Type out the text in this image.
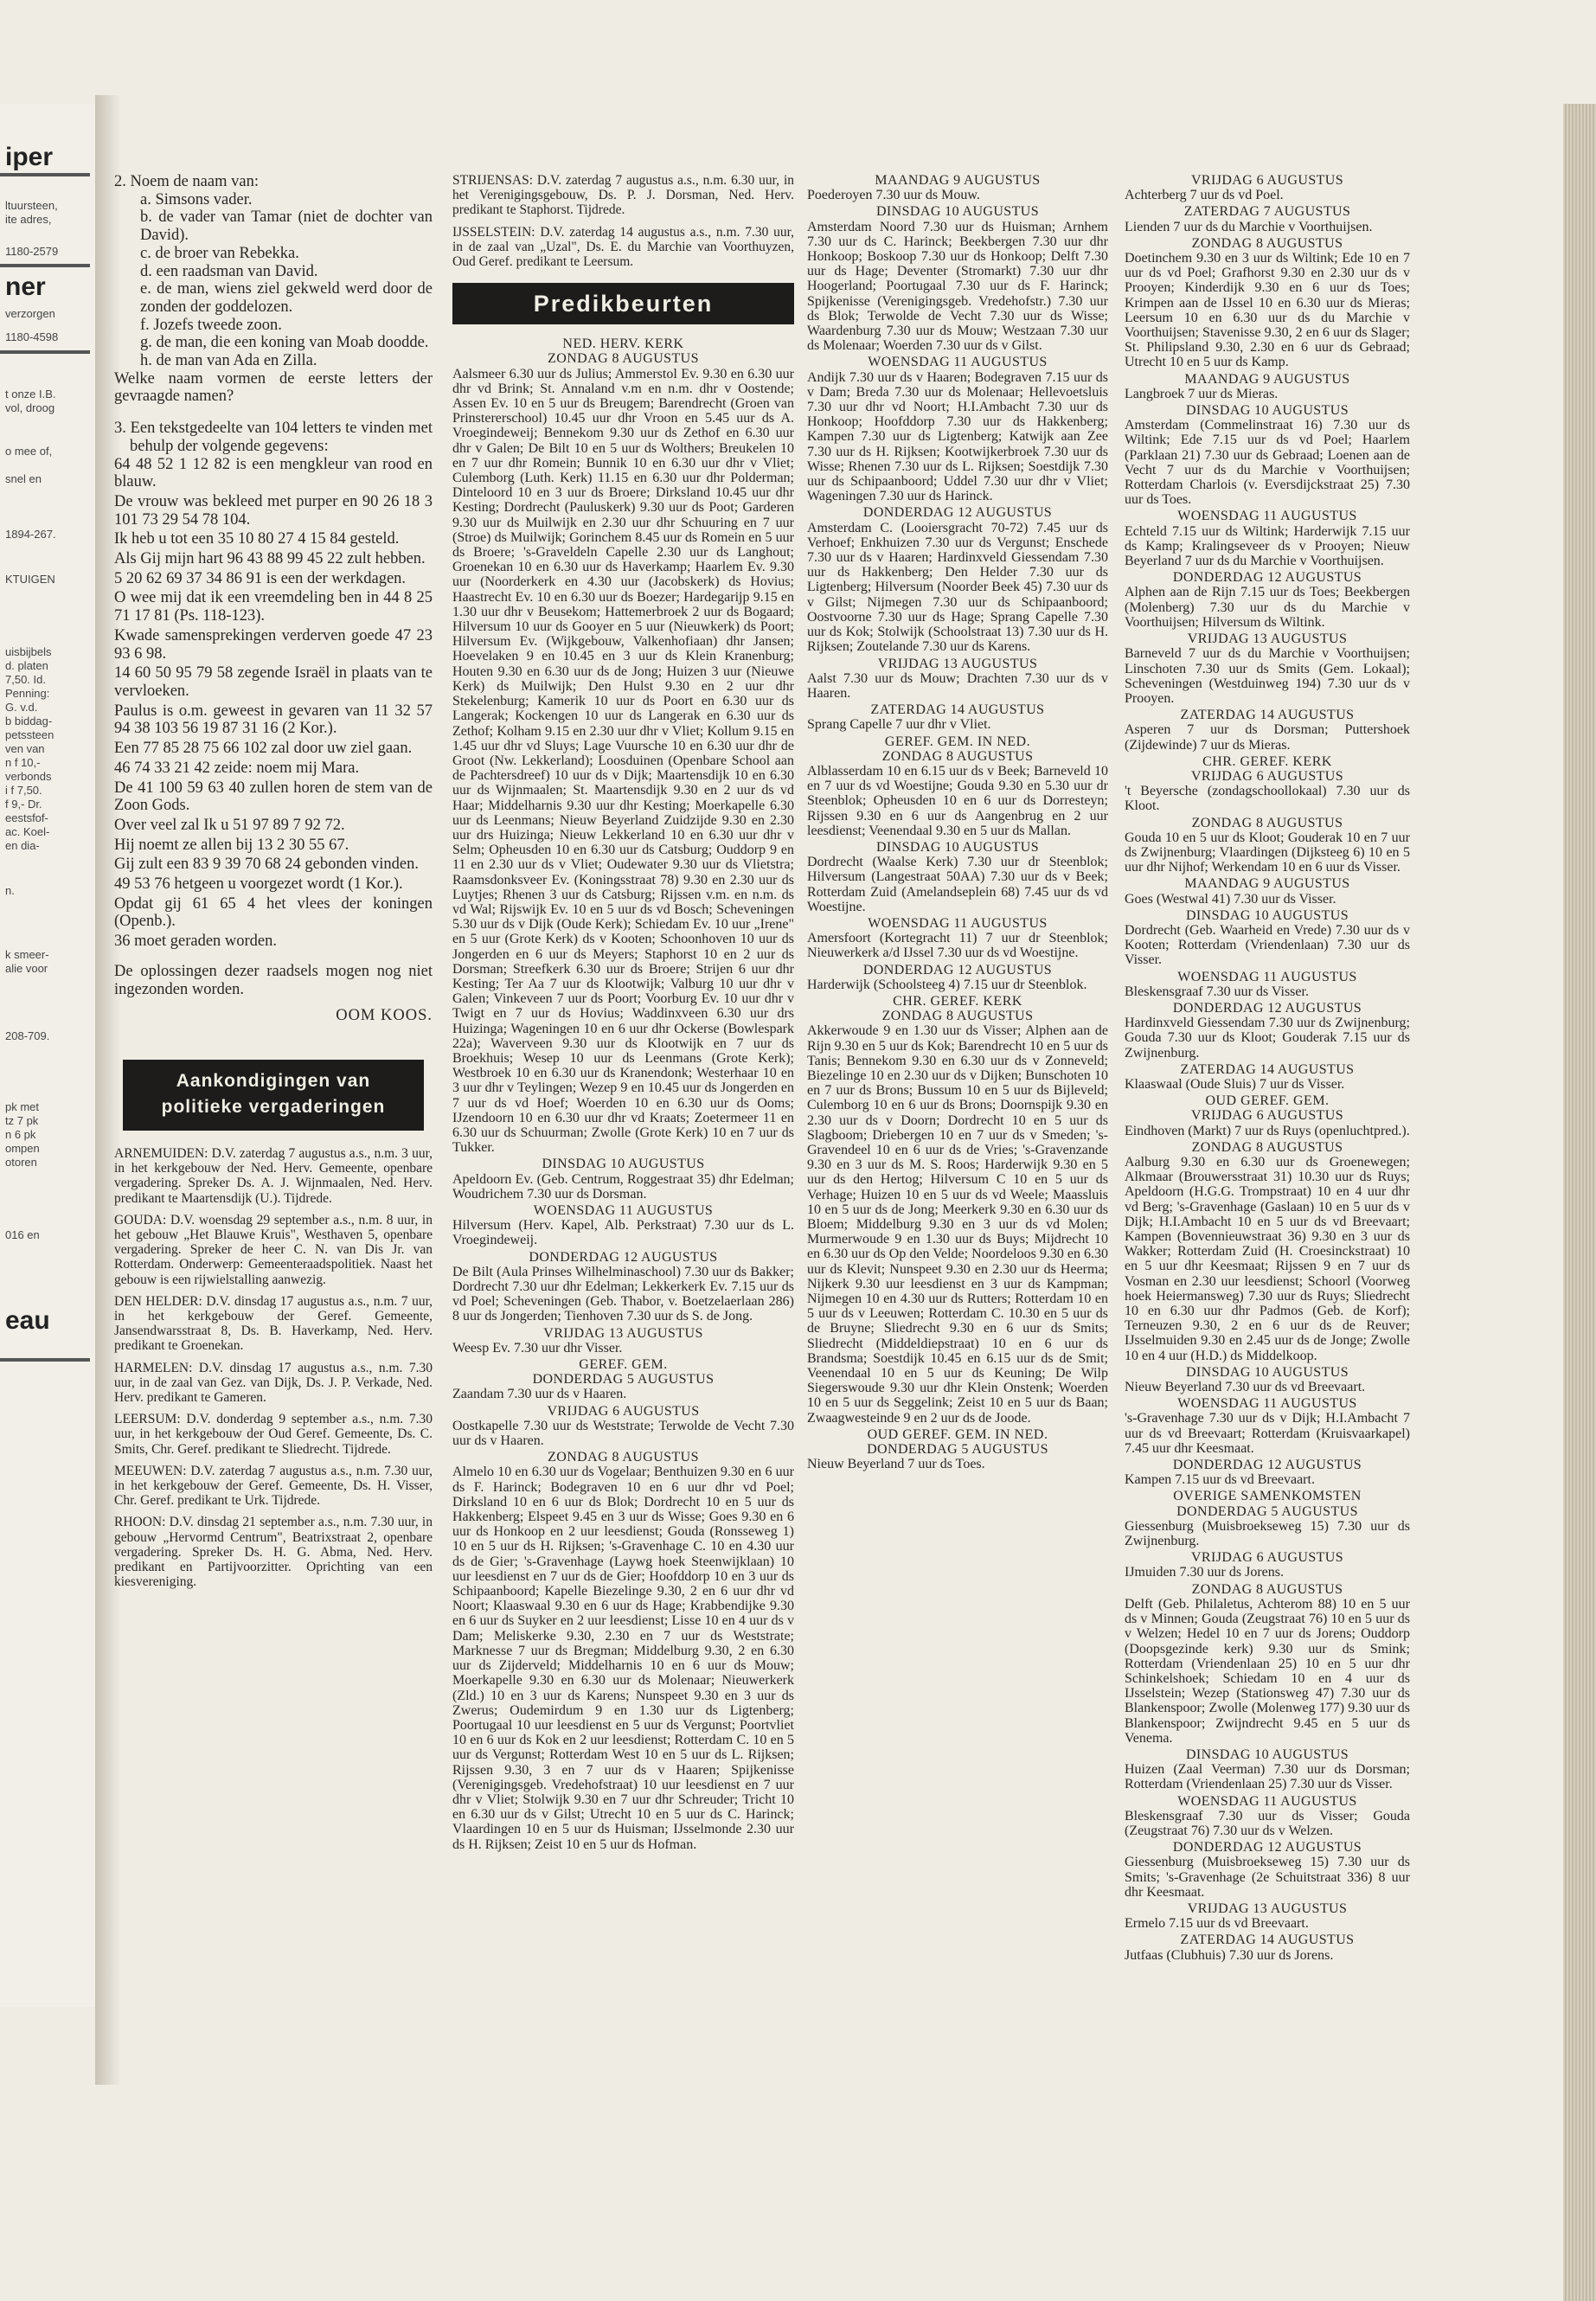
iper
ltuursteen,
ite adres,
1180-2579
ner
verzorgen
1180-4598
t onze I.B.
vol, droog
o mee of,
snel en
1894-267.
KTUIGEN
uisbijbels
d. platen
7,50. Id.
Penning:
G. v.d.
b biddag-
petssteen
ven van
n f 10,-
verbonds
i f 7,50.
f 9,- Dr.
eestsfof-
ac. Koel-
en dia-
n.
k smeer-
alie voor
208-709.
pk met
tz 7 pk
n 6 pk
ompen
otoren
016 en
eau

2. Noem de naam van:

a. Simsons vader.

b. de vader van Tamar (niet de dochter van David).

c. de broer van Rebekka.

d. een raadsman van David.

e. de man, wiens ziel gekweld werd door de zonden der goddelozen.

f. Jozefs tweede zoon.

g. de man, die een koning van Moab doodde.

h. de man van Ada en Zilla.

Welke naam vormen de eerste letters der gevraagde namen?

3. Een tekstgedeelte van 104 letters te vinden met behulp der volgende gegevens:

64 48 52 1 12 82 is een mengkleur van rood en blauw.

De vrouw was bekleed met purper en 90 26 18 3 101 73 29 54 78 104.

Ik heb u tot een 35 10 80 27 4 15 84 gesteld.

Als Gij mijn hart 96 43 88 99 45 22 zult hebben.

5 20 62 69 37 34 86 91 is een der werkdagen.

O wee mij dat ik een vreemdeling ben in 44 8 25 71 17 81 (Ps. 118-123).

Kwade samensprekingen verderven goede 47 23 93 6 98.

14 60 50 95 79 58 zegende Israël in plaats van te vervloeken.

Paulus is o.m. geweest in gevaren van 11 32 57 94 38 103 56 19 87 31 16 (2 Kor.).

Een 77 85 28 75 66 102 zal door uw ziel gaan.

46 74 33 21 42 zeide: noem mij Mara.

De 41 100 59 63 40 zullen horen de stem van de Zoon Gods.

Over veel zal Ik u 51 97 89 7 92 72.

Hij noemt ze allen bij 13 2 30 55 67.

Gij zult een 83 9 39 70 68 24 gebonden vinden.

49 53 76 hetgeen u voorgezet wordt (1 Kor.).

Opdat gij 61 65 4 het vlees der koningen (Openb.).

36 moet geraden worden.

De oplossingen dezer raadsels mogen nog niet ingezonden worden.

OOM KOOS.

Aankondigingen van
politieke vergaderingen

ARNEMUIDEN: D.V. zaterdag 7 augustus a.s., n.m. 3 uur, in het kerkgebouw der Ned. Herv. Gemeente, openbare vergadering. Spreker Ds. A. J. Wijnmaalen, Ned. Herv. predikant te Maartensdijk (U.). Tijdrede.

GOUDA: D.V. woensdag 29 september a.s., n.m. 8 uur, in het gebouw „Het Blauwe Kruis", Westhaven 5, openbare vergadering. Spreker de heer C. N. van Dis Jr. van Rotterdam. Onderwerp: Gemeenteraadspolitiek. Naast het gebouw is een rijwielstalling aanwezig.

DEN HELDER: D.V. dinsdag 17 augustus a.s., n.m. 7 uur, in het kerkgebouw der Geref. Gemeente, Jansendwarsstraat 8, Ds. B. Haverkamp, Ned. Herv. predikant te Groenekan.

HARMELEN: D.V. dinsdag 17 augustus a.s., n.m. 7.30 uur, in de zaal van Gez. van Dijk, Ds. J. P. Verkade, Ned. Herv. predikant te Gameren.

LEERSUM: D.V. donderdag 9 september a.s., n.m. 7.30 uur, in het kerkgebouw der Oud Geref. Gemeente, Ds. C. Smits, Chr. Geref. predikant te Sliedrecht. Tijdrede.

MEEUWEN: D.V. zaterdag 7 augustus a.s., n.m. 7.30 uur, in het kerkgebouw der Geref. Gemeente, Ds. H. Visser, Chr. Geref. predikant te Urk. Tijdrede.

RHOON: D.V. dinsdag 21 september a.s., n.m. 7.30 uur, in gebouw „Hervormd Centrum", Beatrixstraat 2, openbare vergadering. Spreker Ds. H. G. Abma, Ned. Herv. predikant en Partijvoorzitter. Oprichting van een kiesvereniging.

STRIJENSAS: D.V. zaterdag 7 augustus a.s., n.m. 6.30 uur, in het Verenigingsgebouw, Ds. P. J. Dorsman, Ned. Herv. predikant te Staphorst. Tijdrede.

IJSSELSTEIN: D.V. zaterdag 14 augustus a.s., n.m. 7.30 uur, in de zaal van „Uzal", Ds. E. du Marchie van Voorthuyzen, Oud Geref. predikant te Leersum.

Predikbeurten
NED. HERV. KERK
ZONDAG 8 AUGUSTUS

Aalsmeer 6.30 uur ds Julius; Ammerstol Ev. 9.30 en 6.30 uur dhr vd Brink; St. Annaland v.m en n.m. dhr v Oostende; Assen Ev. 10 en 5 uur ds Breugem; Barendrecht (Groen van Prinstererschool) 10.45 uur dhr Vroon en 5.45 uur ds A. Vroegindeweij; Bennekom 9.30 uur ds Zethof en 6.30 uur dhr v Galen; De Bilt 10 en 5 uur ds Wolthers; Breukelen 10 en 7 uur dhr Romein; Bunnik 10 en 6.30 uur dhr v Vliet; Culemborg (Luth. Kerk) 11.15 en 6.30 uur dhr Polderman; Dinteloord 10 en 3 uur ds Broere; Dirksland 10.45 uur dhr Kesting; Dordrecht (Pauluskerk) 9.30 uur ds Poot; Garderen 9.30 uur ds Muilwijk en 2.30 uur dhr Schuuring en 7 uur (Stroe) ds Muilwijk; Gorinchem 8.45 uur ds Romein en 5 uur ds Broere; 's-Graveldeln Capelle 2.30 uur ds Langhout; Groenekan 10 en 6.30 uur ds Haverkamp; Haarlem Ev. 9.30 uur (Noorderkerk en 4.30 uur (Jacobskerk) ds Hovius; Haastrecht Ev. 10 en 6.30 uur ds Boezer; Hardegarijp 9.15 en 1.30 uur dhr v Beusekom; Hattemerbroek 2 uur ds Bogaard; Hilversum 10 uur ds Gooyer en 5 uur (Nieuwkerk) ds Poort; Hilversum Ev. (Wijkgebouw, Valkenhofiaan) dhr Jansen; Hoevelaken 9 en 10.45 en 3 uur ds Klein Kranenburg; Houten 9.30 en 6.30 uur ds de Jong; Huizen 3 uur (Nieuwe Kerk) ds Muilwijk; Den Hulst 9.30 en 2 uur dhr Stekelenburg; Kamerik 10 uur ds Poort en 6.30 uur ds Langerak; Kockengen 10 uur ds Langerak en 6.30 uur ds Zethof; Kolham 9.15 en 2.30 uur dhr v Vliet; Kollum 9.15 en 1.45 uur dhr vd Sluys; Lage Vuursche 10 en 6.30 uur dhr de Groot (Nw. Lekkerland); Loosduinen (Openbare School aan de Pachtersdreef) 10 uur ds v Dijk; Maartensdijk 10 en 6.30 uur ds Wijnmaalen; St. Maartensdijk 9.30 en 2 uur ds vd Haar; Middelharnis 9.30 uur dhr Kesting; Moerkapelle 6.30 uur ds Leenmans; Nieuw Beyerland Zuidzijde 9.30 en 2.30 uur drs Huizinga; Nieuw Lekkerland 10 en 6.30 uur dhr v Selm; Opheusden 10 en 6.30 uur ds Catsburg; Ouddorp 9 en 11 en 2.30 uur ds v Vliet; Oudewater 9.30 uur ds Vlietstra; Raamsdonksveer Ev. (Koningsstraat 78) 9.30 en 2.30 uur ds Luytjes; Rhenen 3 uur ds Catsburg; Rijssen v.m. en n.m. ds vd Wal; Rijswijk Ev. 10 en 5 uur ds vd Bosch; Scheveningen 5.30 uur ds v Dijk (Oude Kerk); Schiedam Ev. 10 uur „Irene" en 5 uur (Grote Kerk) ds v Kooten; Schoonhoven 10 uur ds Jongerden en 6 uur ds Meyers; Staphorst 10 en 2 uur ds Dorsman; Streefkerk 6.30 uur ds Broere; Strijen 6 uur dhr Kesting; Ter Aa 7 uur ds Klootwijk; Valburg 10 uur dhr v Galen; Vinkeveen 7 uur ds Poort; Voorburg Ev. 10 uur dhr v Twigt en 7 uur ds Hovius; Waddinxveen 6.30 uur drs Huizinga; Wageningen 10 en 6 uur dhr Ockerse (Bowlespark 22a); Waverveen 9.30 uur ds Klootwijk en 7 uur ds Broekhuis; Wesep 10 uur ds Leenmans (Grote Kerk); Westbroek 10 en 6.30 uur ds Kranendonk; Westerhaar 10 en 3 uur dhr v Teylingen; Wezep 9 en 10.45 uur ds Jongerden en 7 uur ds vd Hoef; Woerden 10 en 6.30 uur ds Ooms; IJzendoorn 10 en 6.30 uur dhr vd Kraats; Zoetermeer 11 en 6.30 uur ds Schuurman; Zwolle (Grote Kerk) 10 en 7 uur ds Tukker.

DINSDAG 10 AUGUSTUS

Apeldoorn Ev. (Geb. Centrum, Roggestraat 35) dhr Edelman; Woudrichem 7.30 uur ds Dorsman.

WOENSDAG 11 AUGUSTUS

Hilversum (Herv. Kapel, Alb. Perkstraat) 7.30 uur ds L. Vroegindeweij.

DONDERDAG 12 AUGUSTUS

De Bilt (Aula Prinses Wilhelminaschool) 7.30 uur ds Bakker; Dordrecht 7.30 uur dhr Edelman; Lekkerkerk Ev. 7.15 uur ds vd Poel; Scheveningen (Geb. Thabor, v. Boetzelaerlaan 286) 8 uur ds Jongerden; Tienhoven 7.30 uur ds S. de Jong.

VRIJDAG 13 AUGUSTUS

Weesp Ev. 7.30 uur dhr Visser.

GEREF. GEM.
DONDERDAG 5 AUGUSTUS

Zaandam 7.30 uur ds v Haaren.

VRIJDAG 6 AUGUSTUS

Oostkapelle 7.30 uur ds Weststrate; Terwolde de Vecht 7.30 uur ds v Haaren.

ZONDAG 8 AUGUSTUS

Almelo 10 en 6.30 uur ds Vogelaar; Benthuizen 9.30 en 6 uur ds F. Harinck; Bodegraven 10 en 6 uur dhr vd Poel; Dirksland 10 en 6 uur ds Blok; Dordrecht 10 en 5 uur ds Hakkenberg; Elspeet 9.45 en 3 uur ds Wisse; Goes 9.30 en 6 uur ds Honkoop en 2 uur leesdienst; Gouda (Ronsseweg 1) 10 en 5 uur ds H. Rijksen; 's-Gravenhage C. 10 en 4.30 uur ds de Gier; 's-Gravenhage (Laywg hoek Steenwijklaan) 10 uur leesdienst en 7 uur ds de Gier; Hoofddorp 10 en 3 uur ds Schipaanboord; Kapelle Biezelinge 9.30, 2 en 6 uur dhr vd Noort; Klaaswaal 9.30 en 6 uur ds Hage; Krabbendijke 9.30 en 6 uur ds Suyker en 2 uur leesdienst; Lisse 10 en 4 uur ds v Dam; Meliskerke 9.30, 2.30 en 7 uur ds Weststrate; Marknesse 7 uur ds Bregman; Middelburg 9.30, 2 en 6.30 uur ds Zijderveld; Middelharnis 10 en 6 uur ds Mouw; Moerkapelle 9.30 en 6.30 uur ds Molenaar; Nieuwerkerk (Zld.) 10 en 3 uur ds Karens; Nunspeet 9.30 en 3 uur ds Zwerus; Oudemirdum 9 en 1.30 uur ds Ligtenberg; Poortugaal 10 uur leesdienst en 5 uur ds Vergunst; Poortvliet 10 en 6 uur ds Kok en 2 uur leesdienst; Rotterdam C. 10 en 5 uur ds Vergunst; Rotterdam West 10 en 5 uur ds L. Rijksen; Rijssen 9.30, 3 en 7 uur ds v Haaren; Spijkenisse (Verenigingsgeb. Vredehofstraat) 10 uur leesdienst en 7 uur dhr v Vliet; Stolwijk 9.30 en 7 uur dhr Schreuder; Tricht 10 en 6.30 uur ds v Gilst; Utrecht 10 en 5 uur ds C. Harinck; Vlaardingen 10 en 5 uur ds Huisman; IJsselmonde 2.30 uur ds H. Rijksen; Zeist 10 en 5 uur ds Hofman.

MAANDAG 9 AUGUSTUS

Poederoyen 7.30 uur ds Mouw.

DINSDAG 10 AUGUSTUS

Amsterdam Noord 7.30 uur ds Huisman; Arnhem 7.30 uur ds C. Harinck; Beekbergen 7.30 uur dhr Honkoop; Boskoop 7.30 uur ds Honkoop; Delft 7.30 uur ds Hage; Deventer (Stromarkt) 7.30 uur dhr Hoogerland; Poortugaal 7.30 uur ds F. Harinck; Spijkenisse (Verenigingsgeb. Vredehofstr.) 7.30 uur ds Blok; Terwolde de Vecht 7.30 uur ds Wisse; Waardenburg 7.30 uur ds Mouw; Westzaan 7.30 uur ds Molenaar; Woerden 7.30 uur ds v Gilst.

WOENSDAG 11 AUGUSTUS

Andijk 7.30 uur ds v Haaren; Bodegraven 7.15 uur ds v Dam; Breda 7.30 uur ds Molenaar; Hellevoetsluis 7.30 uur dhr vd Noort; H.I.Ambacht 7.30 uur ds Honkoop; Hoofddorp 7.30 uur ds Hakkenberg; Kampen 7.30 uur ds Ligtenberg; Katwijk aan Zee 7.30 uur ds H. Rijksen; Kootwijkerbroek 7.30 uur ds Wisse; Rhenen 7.30 uur ds L. Rijksen; Soestdijk 7.30 uur ds Schipaanboord; Uddel 7.30 uur dhr v Vliet; Wageningen 7.30 uur ds Harinck.

DONDERDAG 12 AUGUSTUS

Amsterdam C. (Looiersgracht 70-72) 7.45 uur ds Verhoef; Enkhuizen 7.30 uur ds Vergunst; Enschede 7.30 uur ds v Haaren; Hardinxveld Giessendam 7.30 uur ds Hakkenberg; Den Helder 7.30 uur ds Ligtenberg; Hilversum (Noorder Beek 45) 7.30 uur ds v Gilst; Nijmegen 7.30 uur ds Schipaanboord; Oostvoorne 7.30 uur ds Hage; Sprang Capelle 7.30 uur ds Kok; Stolwijk (Schoolstraat 13) 7.30 uur ds H. Rijksen; Zoutelande 7.30 uur ds Karens.

VRIJDAG 13 AUGUSTUS

Aalst 7.30 uur ds Mouw; Drachten 7.30 uur ds v Haaren.

ZATERDAG 14 AUGUSTUS

Sprang Capelle 7 uur dhr v Vliet.

GEREF. GEM. IN NED.
ZONDAG 8 AUGUSTUS

Alblasserdam 10 en 6.15 uur ds v Beek; Barneveld 10 en 7 uur ds vd Woestijne; Gouda 9.30 en 5.30 uur dr Steenblok; Opheusden 10 en 6 uur ds Dorresteyn; Rijssen 9.30 en 6 uur ds Aangenbrug en 2 uur leesdienst; Veenendaal 9.30 en 5 uur ds Mallan.

DINSDAG 10 AUGUSTUS

Dordrecht (Waalse Kerk) 7.30 uur dr Steenblok; Hilversum (Langestraat 50AA) 7.30 uur ds v Beek; Rotterdam Zuid (Amelandseplein 68) 7.45 uur ds vd Woestijne.

WOENSDAG 11 AUGUSTUS

Amersfoort (Kortegracht 11) 7 uur dr Steenblok; Nieuwerkerk a/d IJssel 7.30 uur ds vd Woestijne.

DONDERDAG 12 AUGUSTUS

Harderwijk (Schoolsteeg 4) 7.15 uur dr Steenblok.

CHR. GEREF. KERK
ZONDAG 8 AUGUSTUS

Akkerwoude 9 en 1.30 uur ds Visser; Alphen aan de Rijn 9.30 en 5 uur ds Kok; Barendrecht 10 en 5 uur ds Tanis; Bennekom 9.30 en 6.30 uur ds v Zonneveld; Biezelinge 10 en 2.30 uur ds v Dijken; Bunschoten 10 en 7 uur ds Brons; Bussum 10 en 5 uur ds Bijleveld; Culemborg 10 en 6 uur ds Brons; Doornspijk 9.30 en 2.30 uur ds v Doorn; Dordrecht 10 en 5 uur ds Slagboom; Driebergen 10 en 7 uur ds v Smeden; 's-Gravendeel 10 en 6 uur ds de Vries; 's-Gravenzande 9.30 en 3 uur ds M. S. Roos; Harderwijk 9.30 en 5 uur ds den Hertog; Hilversum C 10 en 5 uur ds Verhage; Huizen 10 en 5 uur ds vd Weele; Maassluis 10 en 5 uur ds de Jong; Meerkerk 9.30 en 6.30 uur ds Bloem; Middelburg 9.30 en 3 uur ds vd Molen; Murmerwoude 9 en 1.30 uur ds Buys; Mijdrecht 10 en 6.30 uur ds Op den Velde; Noordeloos 9.30 en 6.30 uur ds Klevit; Nunspeet 9.30 en 2.30 uur ds Heerma; Nijkerk 9.30 uur leesdienst en 3 uur ds Kampman; Nijmegen 10 en 4.30 uur ds Rutters; Rotterdam 10 en 5 uur ds v Leeuwen; Rotterdam C. 10.30 en 5 uur ds de Bruyne; Sliedrecht 9.30 en 6 uur ds Smits; Sliedrecht (Middeldiepstraat) 10 en 6 uur ds Brandsma; Soestdijk 10.45 en 6.15 uur ds de Smit; Veenendaal 10 en 5 uur ds Keuning; De Wilp Siegerswoude 9.30 uur dhr Klein Onstenk; Woerden 10 en 5 uur ds Seggelink; Zeist 10 en 5 uur ds Baan; Zwaagwesteinde 9 en 2 uur ds de Joode.

OUD GEREF. GEM. IN NED.
DONDERDAG 5 AUGUSTUS

Nieuw Beyerland 7 uur ds Toes.

VRIJDAG 6 AUGUSTUS

Achterberg 7 uur ds vd Poel.

ZATERDAG 7 AUGUSTUS

Lienden 7 uur ds du Marchie v Voorthuijsen.

ZONDAG 8 AUGUSTUS

Doetinchem 9.30 en 3 uur ds Wiltink; Ede 10 en 7 uur ds vd Poel; Grafhorst 9.30 en 2.30 uur ds v Prooyen; Kinderdijk 9.30 en 6 uur ds Toes; Krimpen aan de IJssel 10 en 6.30 uur ds Mieras; Leersum 10 en 6.30 uur ds du Marchie v Voorthuijsen; Stavenisse 9.30, 2 en 6 uur ds Slager; St. Philipsland 9.30, 2.30 en 6 uur ds Gebraad; Utrecht 10 en 5 uur ds Kamp.

MAANDAG 9 AUGUSTUS

Langbroek 7 uur ds Mieras.

DINSDAG 10 AUGUSTUS

Amsterdam (Commelinstraat 16) 7.30 uur ds Wiltink; Ede 7.15 uur ds vd Poel; Haarlem (Parklaan 21) 7.30 uur ds Gebraad; Loenen aan de Vecht 7 uur ds du Marchie v Voorthuijsen; Rotterdam Charlois (v. Eversdijckstraat 25) 7.30 uur ds Toes.

WOENSDAG 11 AUGUSTUS

Echteld 7.15 uur ds Wiltink; Harderwijk 7.15 uur ds Kamp; Kralingseveer ds v Prooyen; Nieuw Beyerland 7 uur ds du Marchie v Voorthuijsen.

DONDERDAG 12 AUGUSTUS

Alphen aan de Rijn 7.15 uur ds Toes; Beekbergen (Molenberg) 7.30 uur ds du Marchie v Voorthuijsen; Hilversum ds Wiltink.

VRIJDAG 13 AUGUSTUS

Barneveld 7 uur ds du Marchie v Voorthuijsen; Linschoten 7.30 uur ds Smits (Gem. Lokaal); Scheveningen (Westduinweg 194) 7.30 uur ds v Prooyen.

ZATERDAG 14 AUGUSTUS

Asperen 7 uur ds Dorsman; Puttershoek (Zijdewinde) 7 uur ds Mieras.

CHR. GEREF. KERK
VRIJDAG 6 AUGUSTUS

't Beyersche (zondagschoollokaal) 7.30 uur ds Kloot.

ZONDAG 8 AUGUSTUS

Gouda 10 en 5 uur ds Kloot; Gouderak 10 en 7 uur ds Zwijnenburg; Vlaardingen (Dijksteeg 6) 10 en 5 uur dhr Nijhof; Werkendam 10 en 6 uur ds Visser.

MAANDAG 9 AUGUSTUS

Goes (Westwal 41) 7.30 uur ds Visser.

DINSDAG 10 AUGUSTUS

Dordrecht (Geb. Waarheid en Vrede) 7.30 uur ds v Kooten; Rotterdam (Vriendenlaan) 7.30 uur ds Visser.

WOENSDAG 11 AUGUSTUS

Bleskensgraaf 7.30 uur ds Visser.

DONDERDAG 12 AUGUSTUS

Hardinxveld Giessendam 7.30 uur ds Zwijnenburg; Gouda 7.30 uur ds Kloot; Gouderak 7.15 uur ds Zwijnenburg.

ZATERDAG 14 AUGUSTUS

Klaaswaal (Oude Sluis) 7 uur ds Visser.

OUD GEREF. GEM.
VRIJDAG 6 AUGUSTUS

Eindhoven (Markt) 7 uur ds Ruys (openluchtpred.).

ZONDAG 8 AUGUSTUS

Aalburg 9.30 en 6.30 uur ds Groenewegen; Alkmaar (Brouwersstraat 31) 10.30 uur ds Ruys; Apeldoorn (H.G.G. Trompstraat) 10 en 4 uur dhr vd Berg; 's-Gravenhage (Gaslaan) 10 en 5 uur ds v Dijk; H.I.Ambacht 10 en 5 uur ds vd Breevaart; Kampen (Bovennieuwstraat 36) 9.30 en 3 uur ds Wakker; Rotterdam Zuid (H. Croesinckstraat) 10 en 5 uur dhr Keesmaat; Rijssen 9 en 7 uur ds Vosman en 2.30 uur leesdienst; Schoorl (Voorweg hoek Heiermansweg) 7.30 uur ds Ruys; Sliedrecht 10 en 6.30 uur dhr Padmos (Geb. de Korf); Terneuzen 9.30, 2 en 6 uur ds de Reuver; IJsselmuiden 9.30 en 2.45 uur ds de Jonge; Zwolle 10 en 4 uur (H.D.) ds Middelkoop.

DINSDAG 10 AUGUSTUS

Nieuw Beyerland 7.30 uur ds vd Breevaart.

WOENSDAG 11 AUGUSTUS

's-Gravenhage 7.30 uur ds v Dijk; H.I.Ambacht 7 uur ds vd Breevaart; Rotterdam (Kruisvaarkapel) 7.45 uur dhr Keesmaat.

DONDERDAG 12 AUGUSTUS

Kampen 7.15 uur ds vd Breevaart.

OVERIGE SAMENKOMSTEN
DONDERDAG 5 AUGUSTUS

Giessenburg (Muisbroekseweg 15) 7.30 uur ds Zwijnenburg.

VRIJDAG 6 AUGUSTUS

IJmuiden 7.30 uur ds Jorens.

ZONDAG 8 AUGUSTUS

Delft (Geb. Philaletus, Achterom 88) 10 en 5 uur ds v Minnen; Gouda (Zeugstraat 76) 10 en 5 uur ds v Welzen; Hedel 10 en 7 uur ds Jorens; Ouddorp (Doopsgezinde kerk) 9.30 uur ds Smink; Rotterdam (Vriendenlaan 25) 10 en 5 uur dhr Schinkelshoek; Schiedam 10 en 4 uur ds IJsselstein; Wezep (Stationsweg 47) 7.30 uur ds Blankenspoor; Zwolle (Molenweg 177) 9.30 uur ds Blankenspoor; Zwijndrecht 9.45 en 5 uur ds Venema.

DINSDAG 10 AUGUSTUS

Huizen (Zaal Veerman) 7.30 uur ds Dorsman; Rotterdam (Vriendenlaan 25) 7.30 uur ds Visser.

WOENSDAG 11 AUGUSTUS

Bleskensgraaf 7.30 uur ds Visser; Gouda (Zeugstraat 76) 7.30 uur ds v Welzen.

DONDERDAG 12 AUGUSTUS

Giessenburg (Muisbroekseweg 15) 7.30 uur ds Smits; 's-Gravenhage (2e Schuitstraat 336) 8 uur dhr Keesmaat.

VRIJDAG 13 AUGUSTUS

Ermelo 7.15 uur ds vd Breevaart.

ZATERDAG 14 AUGUSTUS

Jutfaas (Clubhuis) 7.30 uur ds Jorens.
